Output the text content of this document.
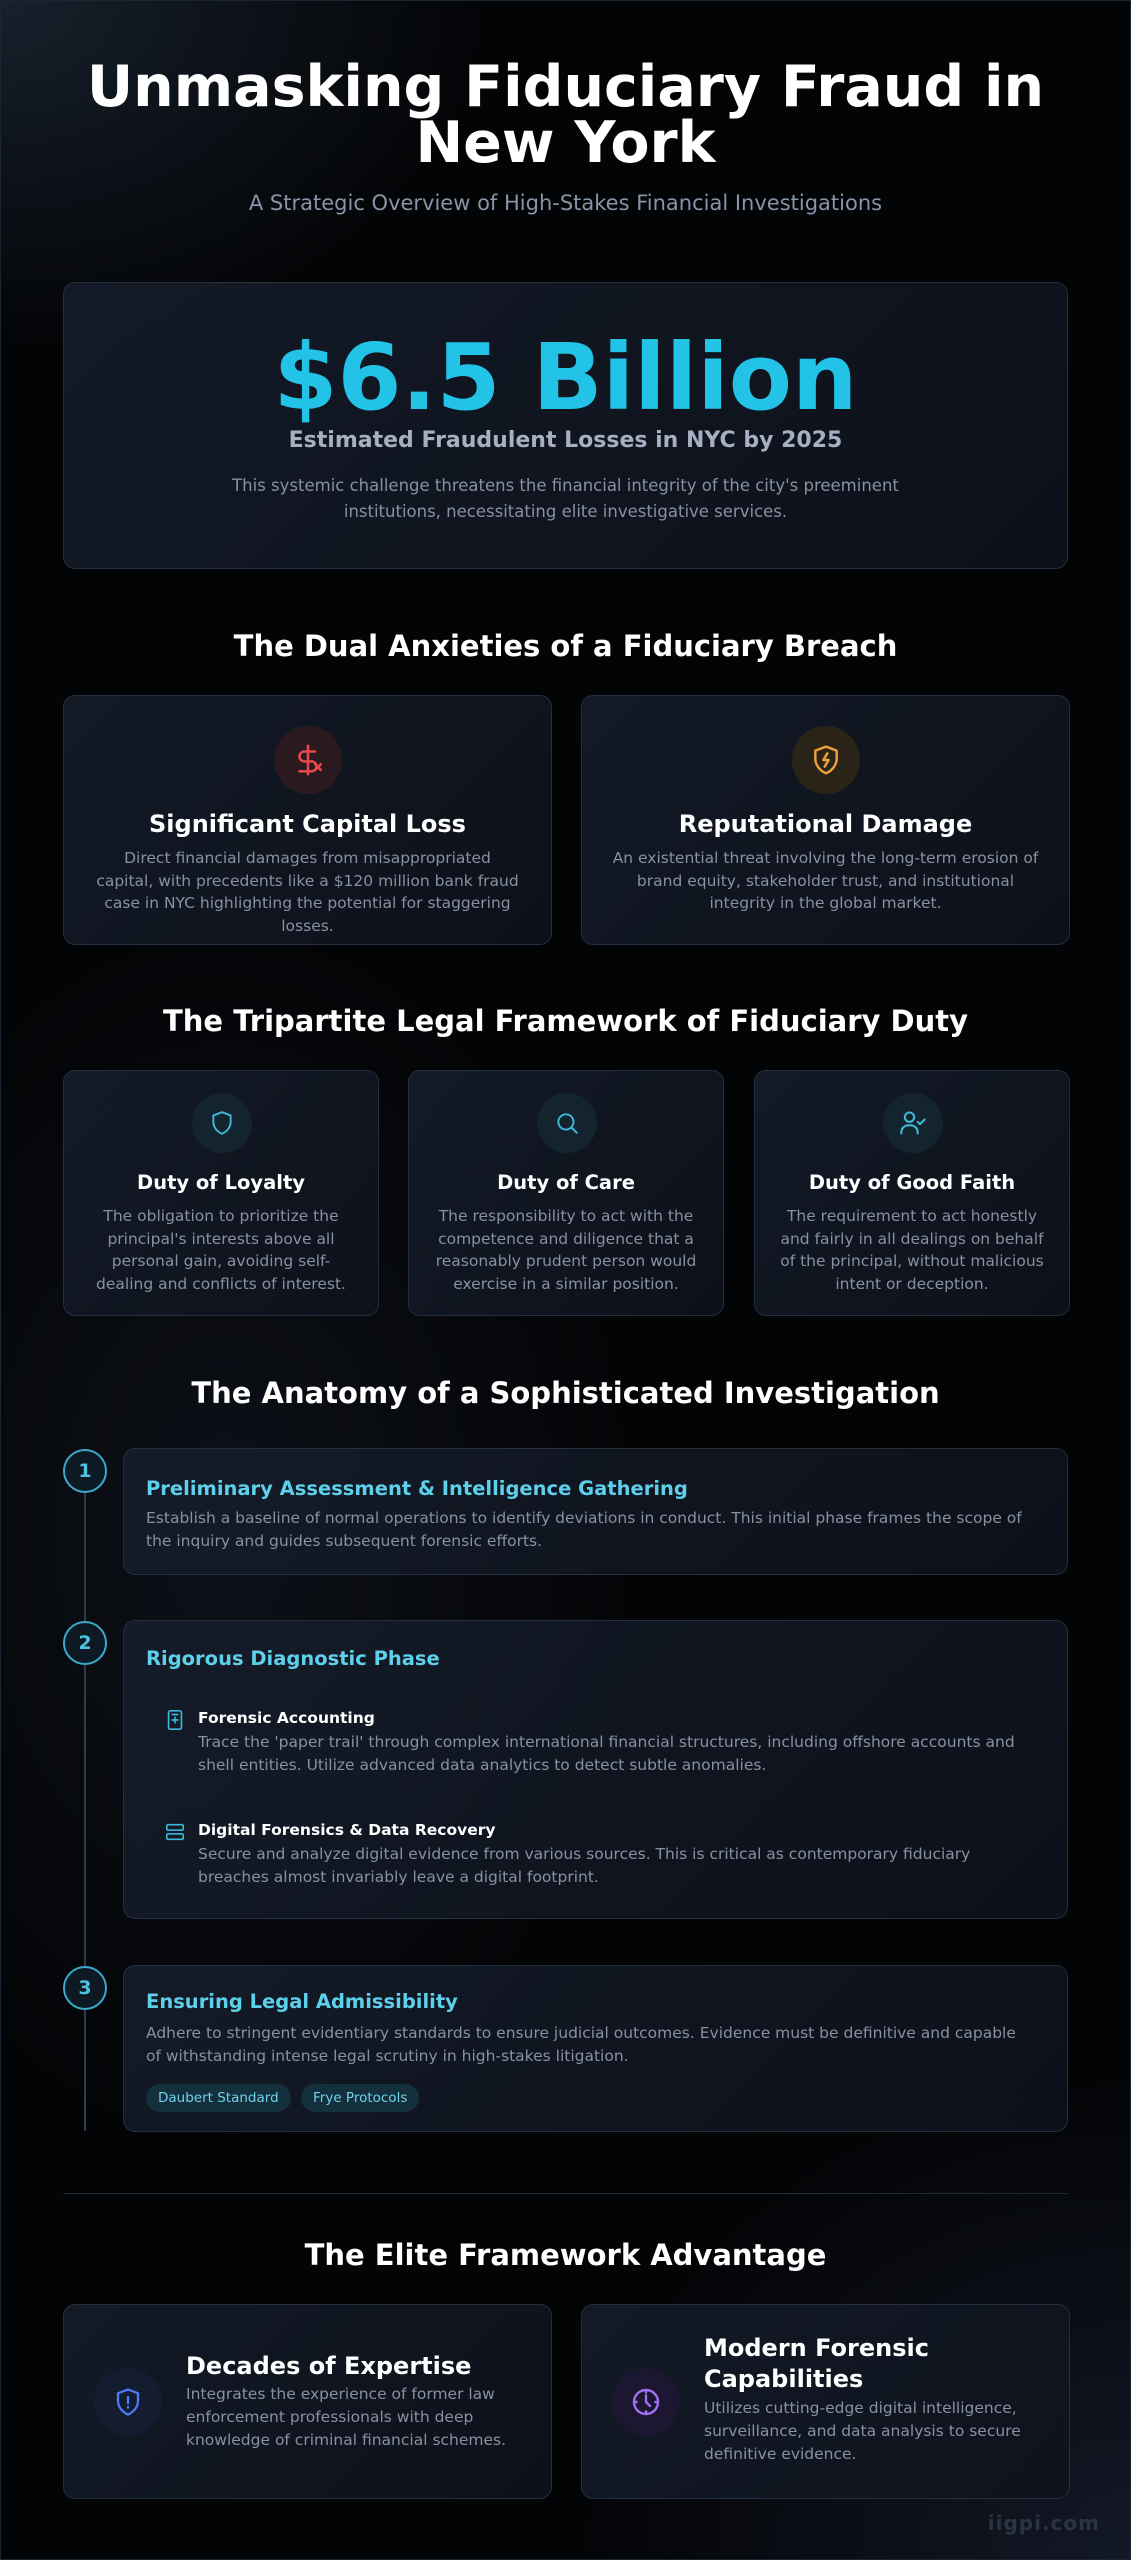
Unmasking Fiduciary Fraud in New York
A Strategic Overview of High-Stakes Financial Investigations
$6.5 Billion
Estimated Fraudulent Losses in NYC by 2025
This systemic challenge threatens the financial integrity of the city's preeminent institutions, necessitating elite investigative services.
The Dual Anxieties of a Fiduciary Breach
Significant Capital Loss
Direct financial damages from misappropriated capital, with precedents like a $120 million bank fraud case in NYC highlighting the potential for staggering losses.
Reputational Damage
An existential threat involving the long-term erosion of brand equity, stakeholder trust, and institutional integrity in the global market.
The Tripartite Legal Framework of Fiduciary Duty
Duty of Loyalty
The obligation to prioritize the principal's interests above all personal gain, avoiding self-dealing and conflicts of interest.
Duty of Care
The responsibility to act with the competence and diligence that a reasonably prudent person would exercise in a similar position.
Duty of Good Faith
The requirement to act honestly and fairly in all dealings on behalf of the principal, without malicious intent or deception.
The Anatomy of a Sophisticated Investigation
1
Preliminary Assessment & Intelligence Gathering
Establish a baseline of normal operations to identify deviations in conduct. This initial phase frames the scope of the inquiry and guides subsequent forensic efforts.
2
Rigorous Diagnostic Phase
Forensic Accounting
Trace the 'paper trail' through complex international financial structures, including offshore accounts and shell entities. Utilize advanced data analytics to detect subtle anomalies.
Digital Forensics & Data Recovery
Secure and analyze digital evidence from various sources. This is critical as contemporary fiduciary breaches almost invariably leave a digital footprint.
3
Ensuring Legal Admissibility
Adhere to stringent evidentiary standards to ensure judicial outcomes. Evidence must be definitive and capable of withstanding intense legal scrutiny in high-stakes litigation.
Daubert Standard	Frye Protocols
The Elite Framework Advantage
Decades of Expertise
Integrates the experience of former law enforcement professionals with deep knowledge of criminal financial schemes.
Modern Forensic Capabilities
Utilizes cutting-edge digital intelligence, surveillance, and data analysis to secure definitive evidence.
iigpi.com
